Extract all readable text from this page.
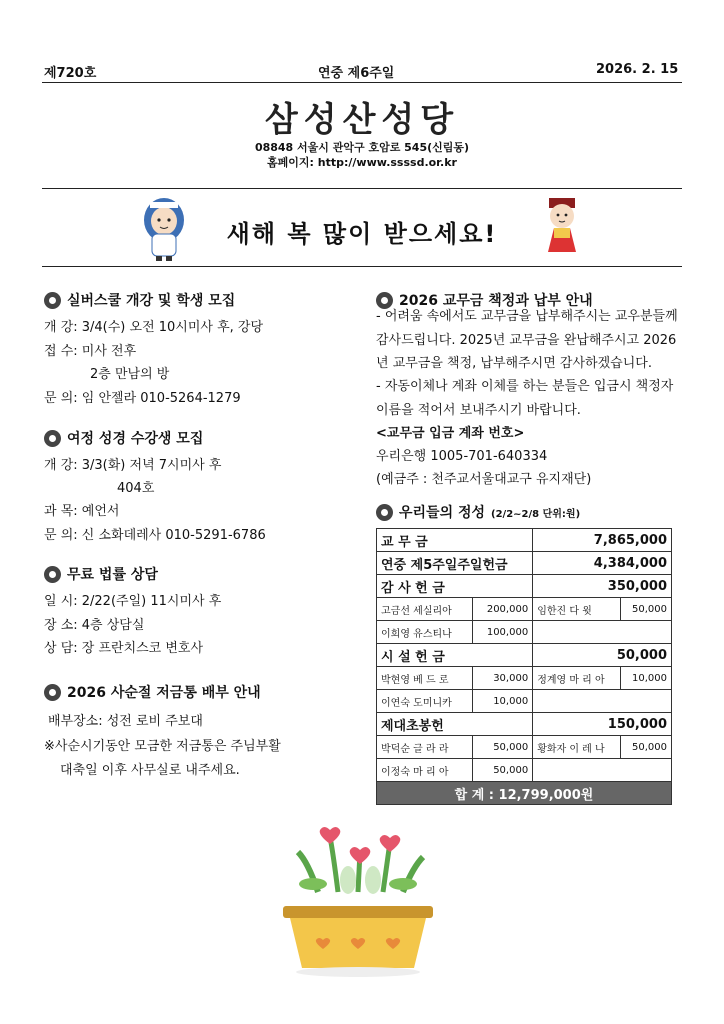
제720호	연중 제6주일	2026. 2. 15
삼성산성당
08848 서울시 관악구 호암로 545(신림동)
홈페이지: http://www.ssssd.or.kr
새해 복 많이 받으세요!
실버스쿨 개강 및 학생 모집
개 강: 3/4(수) 오전 10시미사 후, 강당
접 수: 미사 전후
2층 만남의 방
문 의: 임 안젤라 010-5264-1279
여정 성경 수강생 모집
개 강: 3/3(화) 저녁 7시미사 후
404호
과 목: 예언서
문 의: 신 소화데레사 010-5291-6786
무료 법률 상담
일 시: 2/22(주일) 11시미사 후
장 소: 4층 상담실
상 담: 장 프란치스코 변호사
2026 사순절 저금통 배부 안내
배부장소: 성전 로비 주보대
※사순시기동안 모금한 저금통은 주님부활
대축일 이후 사무실로 내주세요.
2026 교무금 책정과 납부 안내
- 어려움 속에서도 교무금을 납부해주시는 교우분들께 감사드립니다. 2025년 교무금을 완납해주시고 2026년 교무금을 책정, 납부해주시면 감사하겠습니다.
- 자동이체나 계좌 이체를 하는 분들은 입금시 책정자 이름을 적어서 보내주시기 바랍니다.
<교무금 입금 계좌 번호>
우리은행 1005-701-640334
(예금주 : 천주교서울대교구 유지재단)
우리들의 정성 (2/2~2/8 단위:원)
교 무 금		7,865,000	
연중 제5주일주일헌금		4,384,000	
감 사 헌 금		350,000	
고금선 세실리아	200,000	임한진 다 윗	50,000
이희영 유스티나	100,000		
시 설 헌 금		50,000	
박현영 베 드 로	30,000	정계영 마 리 아	10,000
이연숙 도미니카	10,000		
제대초봉헌		150,000	
박덕순 글 라 라	50,000	황화자 이 레 나	50,000
이정숙 마 리 아	50,000		
합 계 : 12,799,000원			
